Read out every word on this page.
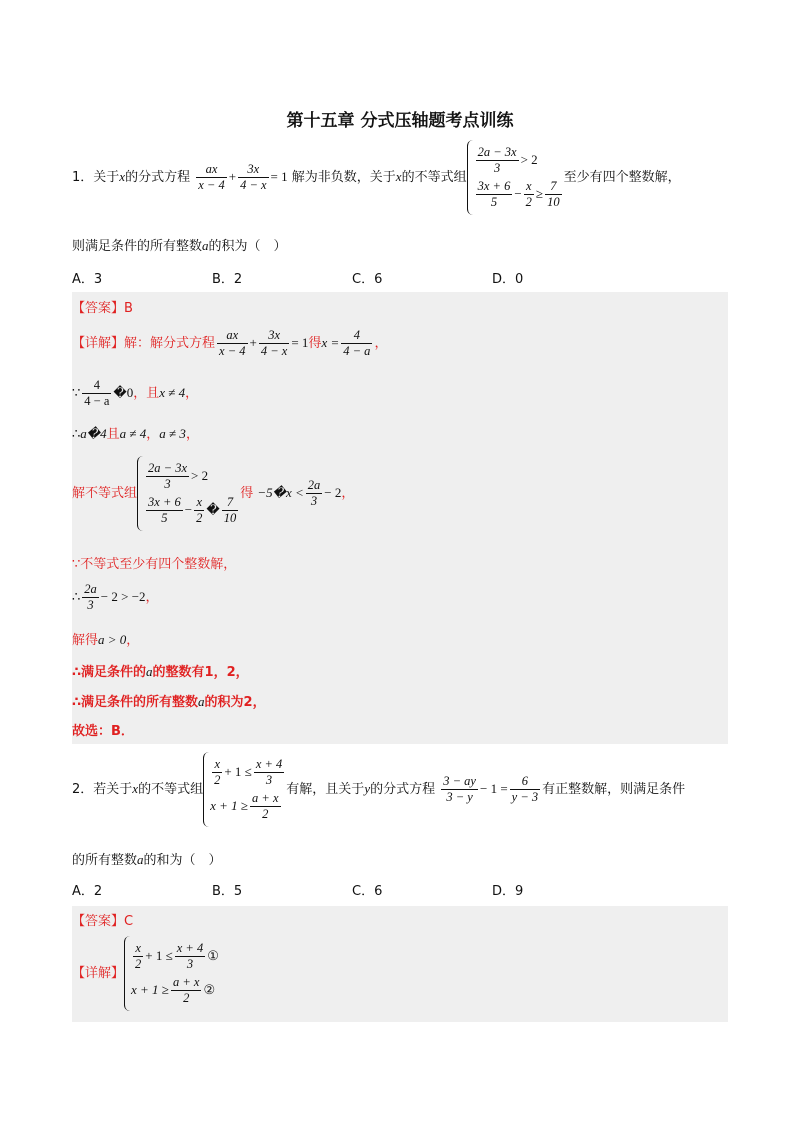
第十五章 分式压轴题考点训练
1．关于x的分式方程 $\frac{ax}{x - 4} + \frac{3x}{4 - x} = 1$ 解为非负数，关于x的不等式组
$\frac{2a - 3x}{3} > 2$
$\frac{3x + 6}{5} - \frac{x}{2} \ge \frac{7}{10}$
至少有四个整数解，
则满足条件的所有整数a的积为（　）
A．3	B．2	C．6	D．0
【答案】B
【详解】解：解分式方程 $\frac{ax}{x - 4} + \frac{3x}{4 - x} = 1$得$x = \frac{4}{4 - a}$ ，
∵ $\frac{4}{4 - a}$ �0，且x ≠ 4，
∴a�4且a ≠ 4，a ≠ 3，
解不等式组
$\frac{2a - 3x}{3} > 2$
$\frac{3x + 6}{5} - \frac{x}{2}$ � $\frac{7}{10}$
得 −5�x < $\frac{2a}{3} - 2$，
∵不等式至少有四个整数解，
∴ $\frac{2a}{3} - 2 > -2$，
解得a > 0，
∴满足条件的a的整数有1，2，
∴满足条件的所有整数a的积为2，
故选：B．
2．若关于x的不等式组
$\frac{x}{2} + 1 \le \frac{x + 4}{3}$
$x + 1 \ge \frac{a + x}{2}$
有解，且关于y的分式方程 $\frac{3 - ay}{3 - y} - 1 = \frac{6}{y - 3}$ 有正整数解，则满足条件
的所有整数a的和为（　）
A．2	B．5	C．6	D．9
【答案】C
【详解】
$\frac{x}{2} + 1 \le \frac{x + 4}{3}$ ①
$x + 1 \ge \frac{a + x}{2}$ ②
